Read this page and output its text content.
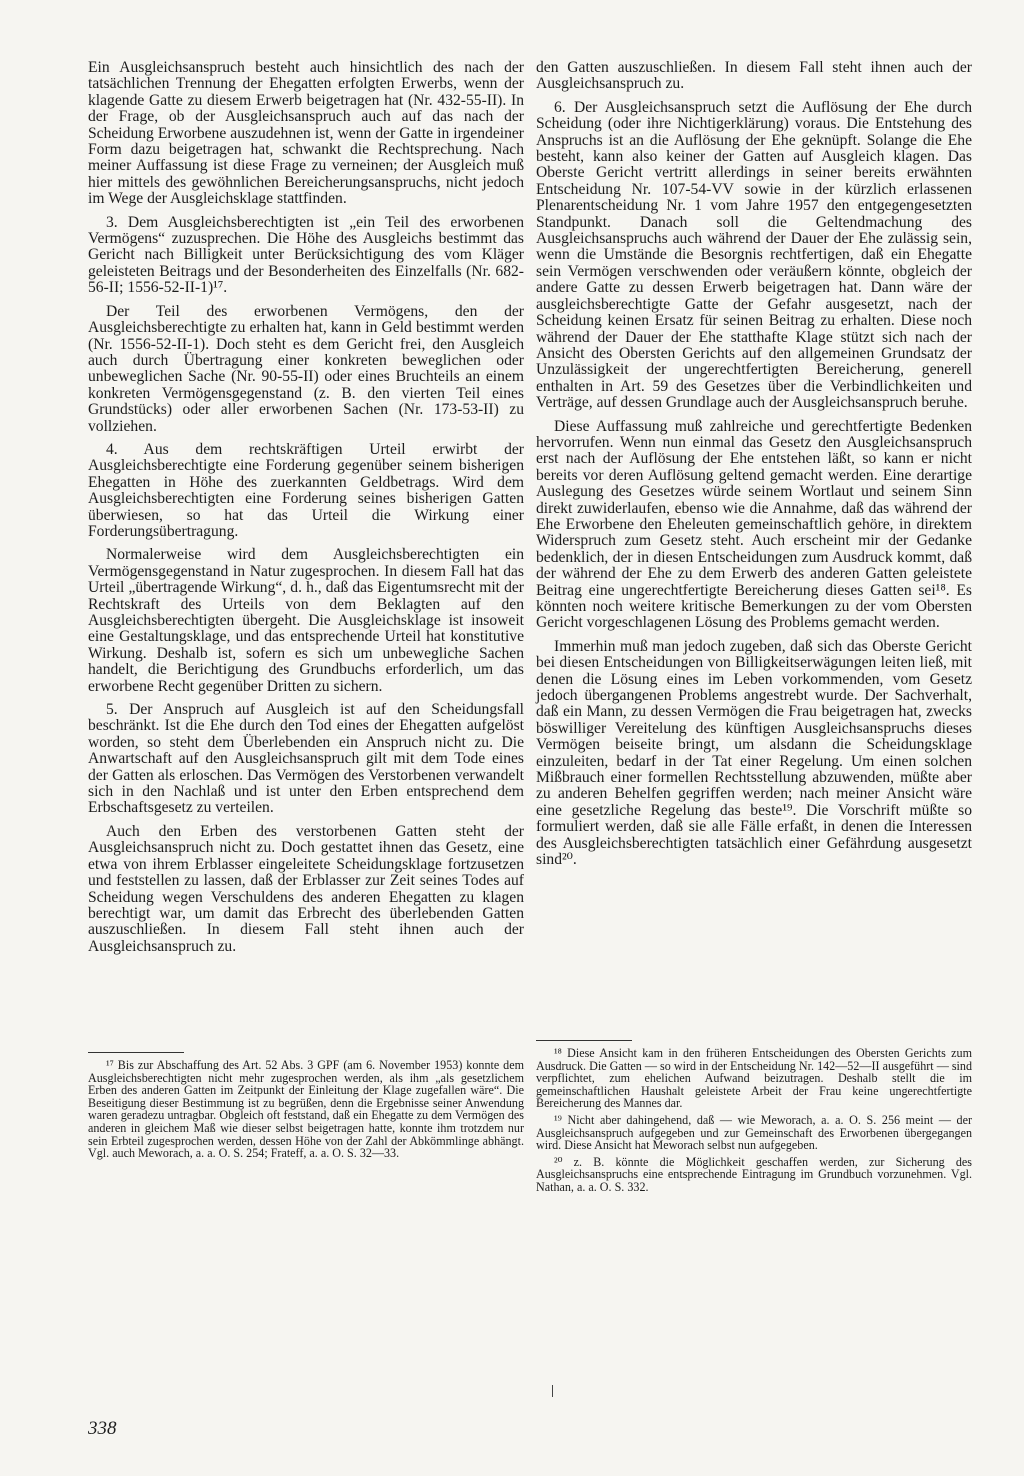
Ein Ausgleichsanspruch besteht auch hinsichtlich des nach der tatsächlichen Trennung der Ehegatten erfolgten Erwerbs, wenn der klagende Gatte zu diesem Erwerb beigetragen hat (Nr. 432-55-II). In der Frage, ob der Ausgleichsanspruch auch auf das nach der Scheidung Erworbene auszudehnen ist, wenn der Gatte in irgendeiner Form dazu beigetragen hat, schwankt die Rechtsprechung. Nach meiner Auffassung ist diese Frage zu verneinen; der Ausgleich muß hier mittels des gewöhnlichen Bereicherungsanspruchs, nicht jedoch im Wege der Ausgleichsklage stattfinden.

3. Dem Ausgleichsberechtigten ist „ein Teil des erworbenen Vermögens“ zuzusprechen. Die Höhe des Ausgleichs bestimmt das Gericht nach Billigkeit unter Berücksichtigung des vom Kläger geleisteten Beitrags und der Besonderheiten des Einzelfalls (Nr. 682-56-II; 1556-52-II-1)¹⁷.

Der Teil des erworbenen Vermögens, den der Ausgleichsberechtigte zu erhalten hat, kann in Geld bestimmt werden (Nr. 1556-52-II-1). Doch steht es dem Gericht frei, den Ausgleich auch durch Übertragung einer konkreten beweglichen oder unbeweglichen Sache (Nr. 90-55-II) oder eines Bruchteils an einem konkreten Vermögensgegenstand (z. B. den vierten Teil eines Grundstücks) oder aller erworbenen Sachen (Nr. 173-53-II) zu vollziehen.

4. Aus dem rechtskräftigen Urteil erwirbt der Ausgleichsberechtigte eine Forderung gegenüber seinem bisherigen Ehegatten in Höhe des zuerkannten Geldbetrags. Wird dem Ausgleichsberechtigten eine Forderung seines bisherigen Gatten überwiesen, so hat das Urteil die Wirkung einer Forderungsübertragung.

Normalerweise wird dem Ausgleichsberechtigten ein Vermögensgegenstand in Natur zugesprochen. In diesem Fall hat das Urteil „übertragende Wirkung“, d. h., daß das Eigentumsrecht mit der Rechtskraft des Urteils von dem Beklagten auf den Ausgleichsberechtigten übergeht. Die Ausgleichsklage ist insoweit eine Gestaltungsklage, und das entsprechende Urteil hat konstitutive Wirkung. Deshalb ist, sofern es sich um unbewegliche Sachen handelt, die Berichtigung des Grundbuchs erforderlich, um das erworbene Recht gegenüber Dritten zu sichern.

5. Der Anspruch auf Ausgleich ist auf den Scheidungsfall beschränkt. Ist die Ehe durch den Tod eines der Ehegatten aufgelöst worden, so steht dem Überlebenden ein Anspruch nicht zu. Die Anwartschaft auf den Ausgleichsanspruch gilt mit dem Tode eines der Gatten als erloschen. Das Vermögen des Verstorbenen verwandelt sich in den Nachlaß und ist unter den Erben entsprechend dem Erbschaftsgesetz zu verteilen.

Auch den Erben des verstorbenen Gatten steht der Ausgleichsanspruch nicht zu. Doch gestattet ihnen das Gesetz, eine etwa von ihrem Erblasser eingeleitete Scheidungsklage fortzusetzen und feststellen zu lassen, daß der Erblasser zur Zeit seines Todes auf Scheidung wegen Verschuldens des anderen Ehegatten zu klagen berechtigt war, um damit das Erbrecht des überlebenden Gatten auszuschließen. In diesem Fall steht ihnen auch der Ausgleichsanspruch zu.

den Gatten auszuschließen. In diesem Fall steht ihnen auch der Ausgleichsanspruch zu.

6. Der Ausgleichsanspruch setzt die Auflösung der Ehe durch Scheidung (oder ihre Nichtigerklärung) voraus. Die Entstehung des Anspruchs ist an die Auflösung der Ehe geknüpft. Solange die Ehe besteht, kann also keiner der Gatten auf Ausgleich klagen. Das Oberste Gericht vertritt allerdings in seiner bereits erwähnten Entscheidung Nr. 107-54-VV sowie in der kürzlich erlassenen Plenarentscheidung Nr. 1 vom Jahre 1957 den entgegengesetzten Standpunkt. Danach soll die Geltendmachung des Ausgleichsanspruchs auch während der Dauer der Ehe zulässig sein, wenn die Umstände die Besorgnis rechtfertigen, daß ein Ehegatte sein Vermögen verschwenden oder veräußern könnte, obgleich der andere Gatte zu dessen Erwerb beigetragen hat. Dann wäre der ausgleichsberechtigte Gatte der Gefahr ausgesetzt, nach der Scheidung keinen Ersatz für seinen Beitrag zu erhalten. Diese noch während der Dauer der Ehe statthafte Klage stützt sich nach der Ansicht des Obersten Gerichts auf den allgemeinen Grundsatz der Unzulässigkeit der ungerechtfertigten Bereicherung, generell enthalten in Art. 59 des Gesetzes über die Verbindlichkeiten und Verträge, auf dessen Grundlage auch der Ausgleichsanspruch beruhe.

Diese Auffassung muß zahlreiche und gerechtfertigte Bedenken hervorrufen. Wenn nun einmal das Gesetz den Ausgleichsanspruch erst nach der Auflösung der Ehe entstehen läßt, so kann er nicht bereits vor deren Auflösung geltend gemacht werden. Eine derartige Auslegung des Gesetzes würde seinem Wortlaut und seinem Sinn direkt zuwiderlaufen, ebenso wie die Annahme, daß das während der Ehe Erworbene den Eheleuten gemeinschaftlich gehöre, in direktem Widerspruch zum Gesetz steht. Auch erscheint mir der Gedanke bedenklich, der in diesen Entscheidungen zum Ausdruck kommt, daß der während der Ehe zu dem Erwerb des anderen Gatten geleistete Beitrag eine ungerechtfertigte Bereicherung dieses Gatten sei¹⁸. Es könnten noch weitere kritische Bemerkungen zu der vom Obersten Gericht vorgeschlagenen Lösung des Problems gemacht werden.

Immerhin muß man jedoch zugeben, daß sich das Oberste Gericht bei diesen Entscheidungen von Billigkeitserwägungen leiten ließ, mit denen die Lösung eines im Leben vorkommenden, vom Gesetz jedoch übergangenen Problems angestrebt wurde. Der Sachverhalt, daß ein Mann, zu dessen Vermögen die Frau beigetragen hat, zwecks böswilliger Vereitelung des künftigen Ausgleichsanspruchs dieses Vermögen beiseite bringt, um alsdann die Scheidungsklage einzuleiten, bedarf in der Tat einer Regelung. Um einen solchen Mißbrauch einer formellen Rechtsstellung abzuwenden, müßte aber zu anderen Behelfen gegriffen werden; nach meiner Ansicht wäre eine gesetzliche Regelung das beste¹⁹. Die Vorschrift müßte so formuliert werden, daß sie alle Fälle erfaßt, in denen die Interessen des Ausgleichsberechtigten tatsächlich einer Gefährdung ausgesetzt sind²⁰.

¹⁷ Bis zur Abschaffung des Art. 52 Abs. 3 GPF (am 6. November 1953) konnte dem Ausgleichsberechtigten nicht mehr zugesprochen werden, als ihm „als gesetzlichem Erben des anderen Gatten im Zeitpunkt der Einleitung der Klage zugefallen wäre“. Die Beseitigung dieser Bestimmung ist zu begrüßen, denn die Ergebnisse seiner Anwendung waren geradezu untragbar. Obgleich oft feststand, daß ein Ehegatte zu dem Vermögen des anderen in gleichem Maß wie dieser selbst beigetragen hatte, konnte ihm trotzdem nur sein Erbteil zugesprochen werden, dessen Höhe von der Zahl der Abkömmlinge abhängt. Vgl. auch Meworach, a. a. O. S. 254; Frateff, a. a. O. S. 32—33.

¹⁸ Diese Ansicht kam in den früheren Entscheidungen des Obersten Gerichts zum Ausdruck. Die Gatten — so wird in der Entscheidung Nr. 142—52—II ausgeführt — sind verpflichtet, zum ehelichen Aufwand beizutragen. Deshalb stellt die im gemeinschaftlichen Haushalt geleistete Arbeit der Frau keine ungerechtfertigte Bereicherung des Mannes dar.

¹⁹ Nicht aber dahingehend, daß — wie Meworach, a. a. O. S. 256 meint — der Ausgleichsanspruch aufgegeben und zur Gemeinschaft des Erworbenen übergegangen wird. Diese Ansicht hat Meworach selbst nun aufgegeben.

²⁰ z. B. könnte die Möglichkeit geschaffen werden, zur Sicherung des Ausgleichsanspruchs eine entsprechende Eintragung im Grundbuch vorzunehmen. Vgl. Nathan, a. a. O. S. 332.

338
